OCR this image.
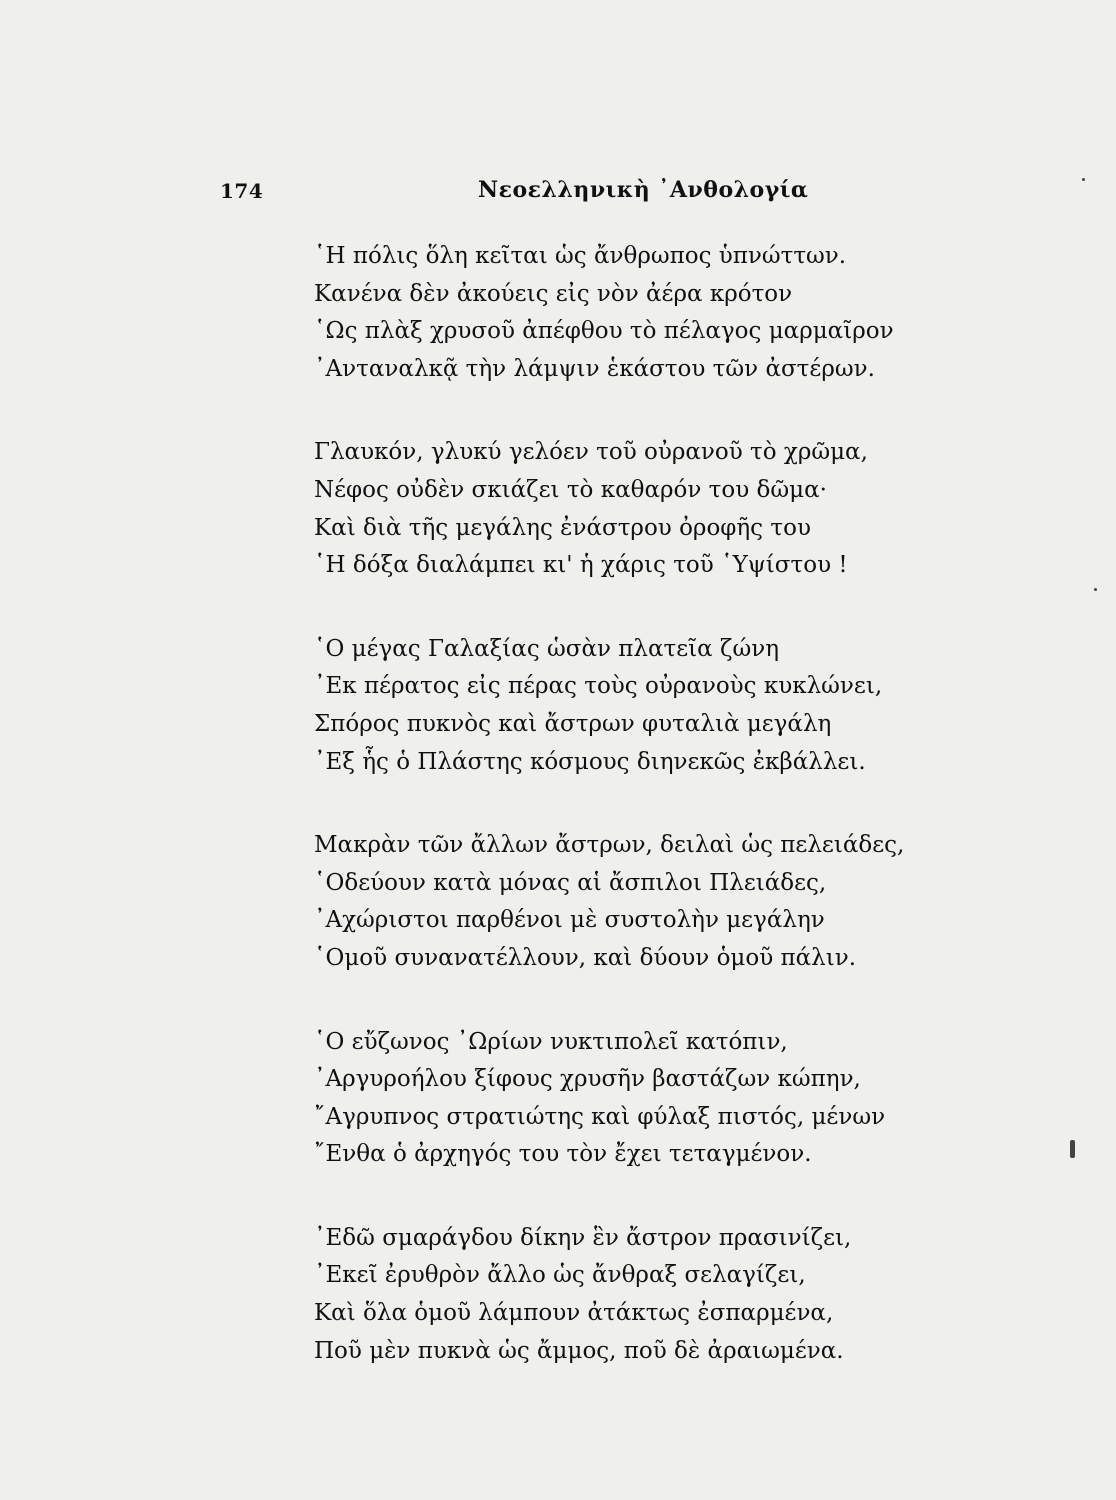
174	Νεοελληνικὴ ᾿Ανθολογία
῾Η πόλις ὅλη κεῖται ὡς ἄνθρωπος ὑπνώττων.
Κανένα δὲν ἀκούεις εἰς νὸν ἀέρα κρότον
῾Ως πλὰξ χρυσοῦ ἀπέφθου τὸ πέλαγος μαρμαῖρον
᾿Ανταναλκᾷ τὴν λάμψιν ἑκάστου τῶν ἀστέρων.
Γλαυκόν, γλυκύ γελόεν τοῦ οὐρανοῦ τὸ χρῶμα,
Νέφος οὐδὲν σκιάζει τὸ καθαρόν του δῶμα·
Καὶ διὰ τῆς μεγάλης ἐνάστρου ὀροφῆς του
῾Η δόξα διαλάμπει κι' ἡ χάρις τοῦ ῾Υψίστου !
῾Ο μέγας Γαλαξίας ὡσὰν πλατεῖα ζώνη
᾿Εκ πέρατος εἰς πέρας τοὺς οὐρανοὺς κυκλώνει,
Σπόρος πυκνὸς καὶ ἄστρων φυταλιὰ μεγάλη
᾿Εξ ἧς ὁ Πλάστης κόσμους διηνεκῶς ἐκβάλλει.
Μακρὰν τῶν ἄλλων ἄστρων, δειλαὶ ὡς πελειάδες,
῾Οδεύουν κατὰ μόνας αἱ ἄσπιλοι Πλειάδες,
᾿Αχώριστοι παρθένοι μὲ συστολὴν μεγάλην
῾Ομοῦ συνανατέλλουν, καὶ δύουν ὁμοῦ πάλιν.
῾Ο εὔζωνος ᾿Ωρίων νυκτιπολεῖ κατόπιν,
᾿Αργυροήλου ξίφους χρυσῆν βαστάζων κώπην,
῎Αγρυπνος στρατιώτης καὶ φύλαξ πιστός, μένων
῎Ενθα ὁ ἀρχηγός του τὸν ἔχει τεταγμένον.
᾿Εδῶ σμαράγδου δίκην ἓν ἄστρον πρασινίζει,
᾿Εκεῖ ἐρυθρὸν ἄλλο ὡς ἄνθραξ σελαγίζει,
Καὶ ὅλα ὁμοῦ λάμπουν ἀτάκτως ἐσπαρμένα,
Ποῦ μὲν πυκνὰ ὡς ἄμμος, ποῦ δὲ ἀραιωμένα.
